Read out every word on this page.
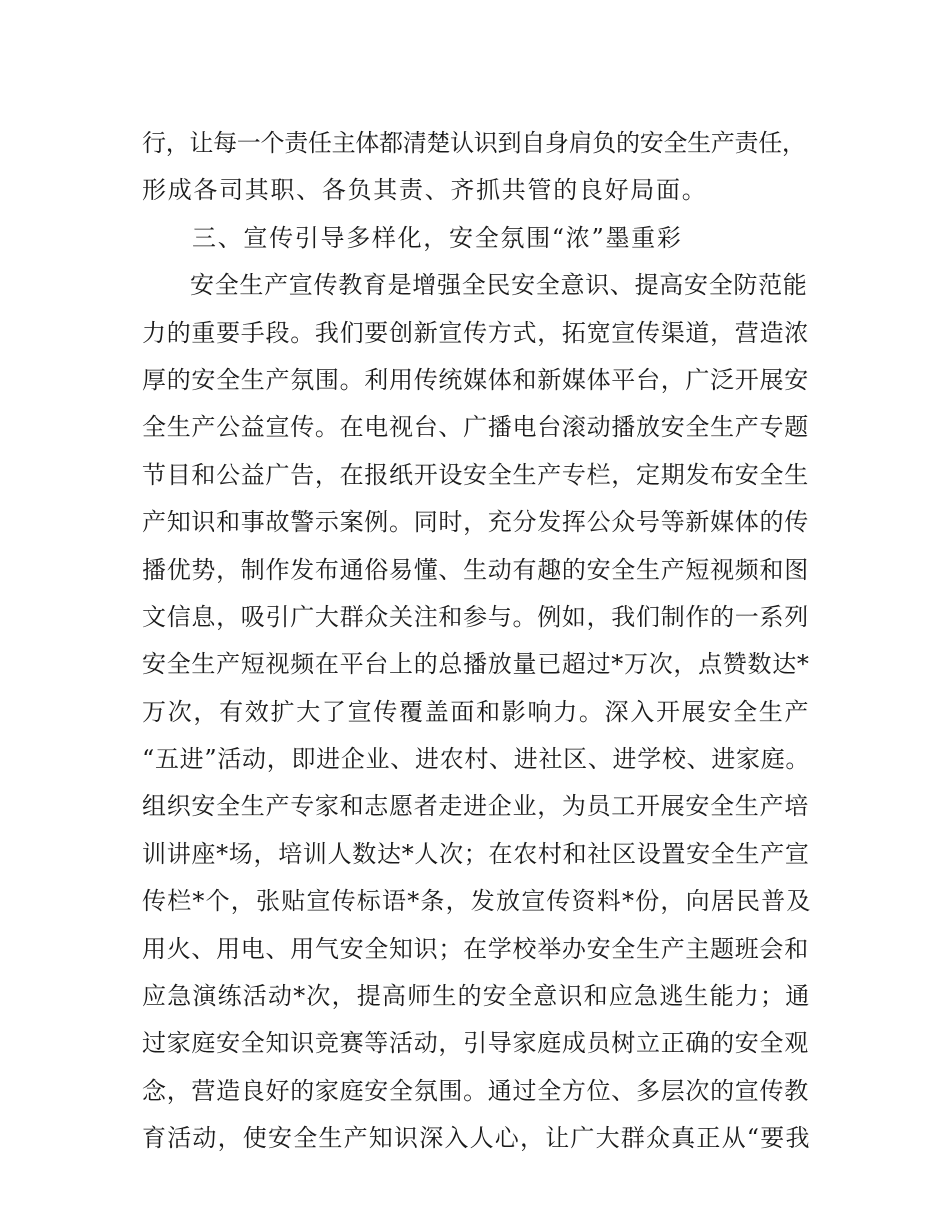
行，让每一个责任主体都清楚认识到自身肩负的安全生产责任，
形成各司其职、各负其责、齐抓共管的良好局面。
三、宣传引导多样化，安全氛围“浓”墨重彩
安全生产宣传教育是增强全民安全意识、提高安全防范能
力的重要手段。我们要创新宣传方式，拓宽宣传渠道，营造浓
厚的安全生产氛围。利用传统媒体和新媒体平台，广泛开展安
全生产公益宣传。在电视台、广播电台滚动播放安全生产专题
节目和公益广告，在报纸开设安全生产专栏，定期发布安全生
产知识和事故警示案例。同时，充分发挥公众号等新媒体的传
播优势，制作发布通俗易懂、生动有趣的安全生产短视频和图
文信息，吸引广大群众关注和参与。例如，我们制作的一系列
安全生产短视频在平台上的总播放量已超过*万次，点赞数达*
万次，有效扩大了宣传覆盖面和影响力。深入开展安全生产
“五进”活动，即进企业、进农村、进社区、进学校、进家庭。
组织安全生产专家和志愿者走进企业，为员工开展安全生产培
训讲座*场，培训人数达*人次；在农村和社区设置安全生产宣
传栏*个，张贴宣传标语*条，发放宣传资料*份，向居民普及
用火、用电、用气安全知识；在学校举办安全生产主题班会和
应急演练活动*次，提高师生的安全意识和应急逃生能力；通
过家庭安全知识竞赛等活动，引导家庭成员树立正确的安全观
念，营造良好的家庭安全氛围。通过全方位、多层次的宣传教
育活动，使安全生产知识深入人心，让广大群众真正从“要我
